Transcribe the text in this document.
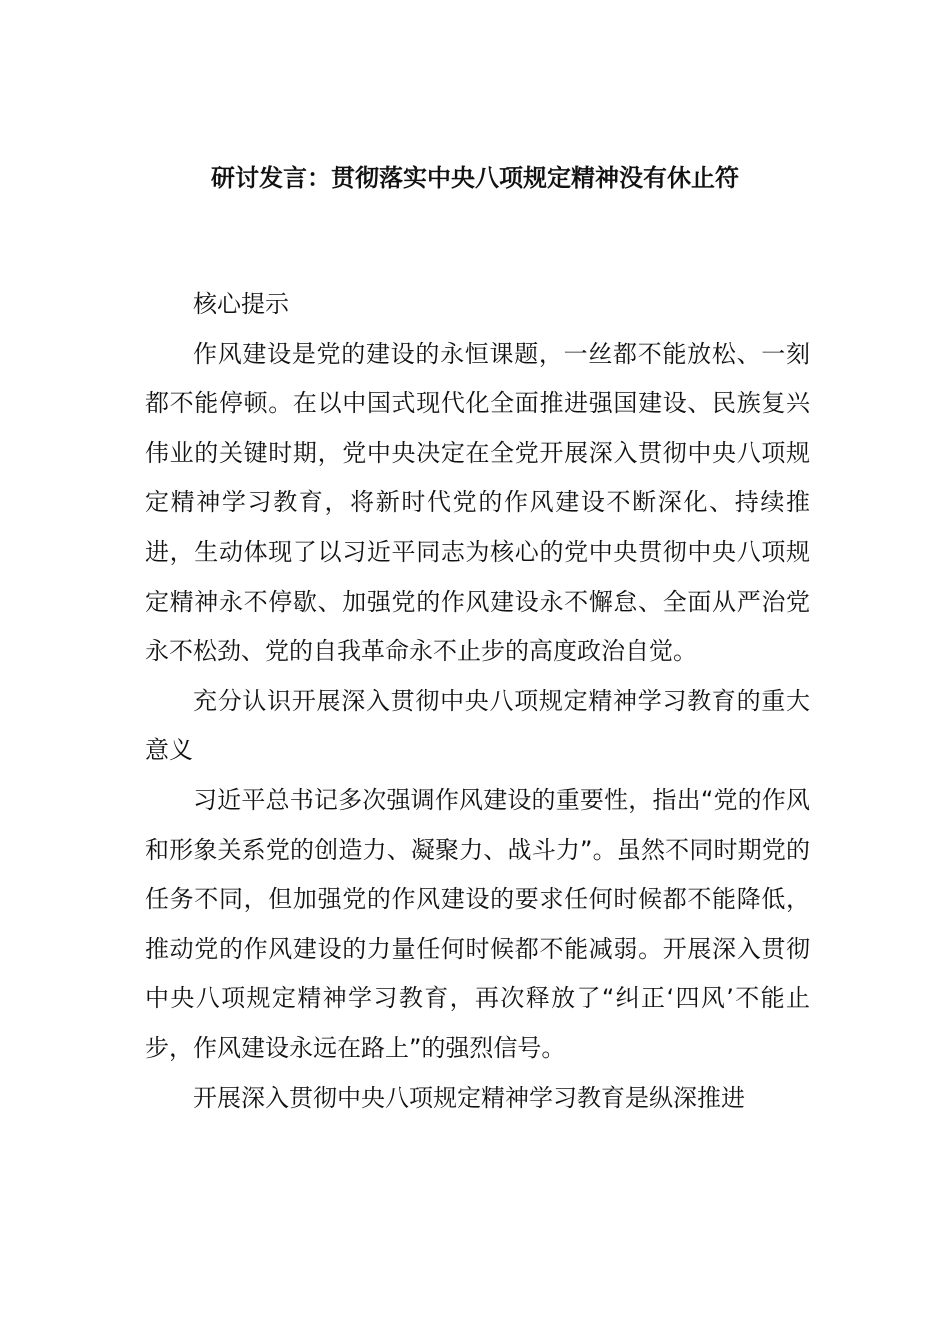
研讨发言：贯彻落实中央八项规定精神没有休止符

核心提示

作风建设是党的建设的永恒课题，一丝都不能放松、一刻都不能停顿。在以中国式现代化全面推进强国建设、民族复兴伟业的关键时期，党中央决定在全党开展深入贯彻中央八项规定精神学习教育，将新时代党的作风建设不断深化、持续推进，生动体现了以习近平同志为核心的党中央贯彻中央八项规定精神永不停歇、加强党的作风建设永不懈怠、全面从严治党永不松劲、党的自我革命永不止步的高度政治自觉。

充分认识开展深入贯彻中央八项规定精神学习教育的重大意义

习近平总书记多次强调作风建设的重要性，指出“党的作风和形象关系党的创造力、凝聚力、战斗力”。虽然不同时期党的任务不同，但加强党的作风建设的要求任何时候都不能降低，推动党的作风建设的力量任何时候都不能减弱。开展深入贯彻中央八项规定精神学习教育，再次释放了“纠正‘四风’不能止步，作风建设永远在路上”的强烈信号。

开展深入贯彻中央八项规定精神学习教育是纵深推进
